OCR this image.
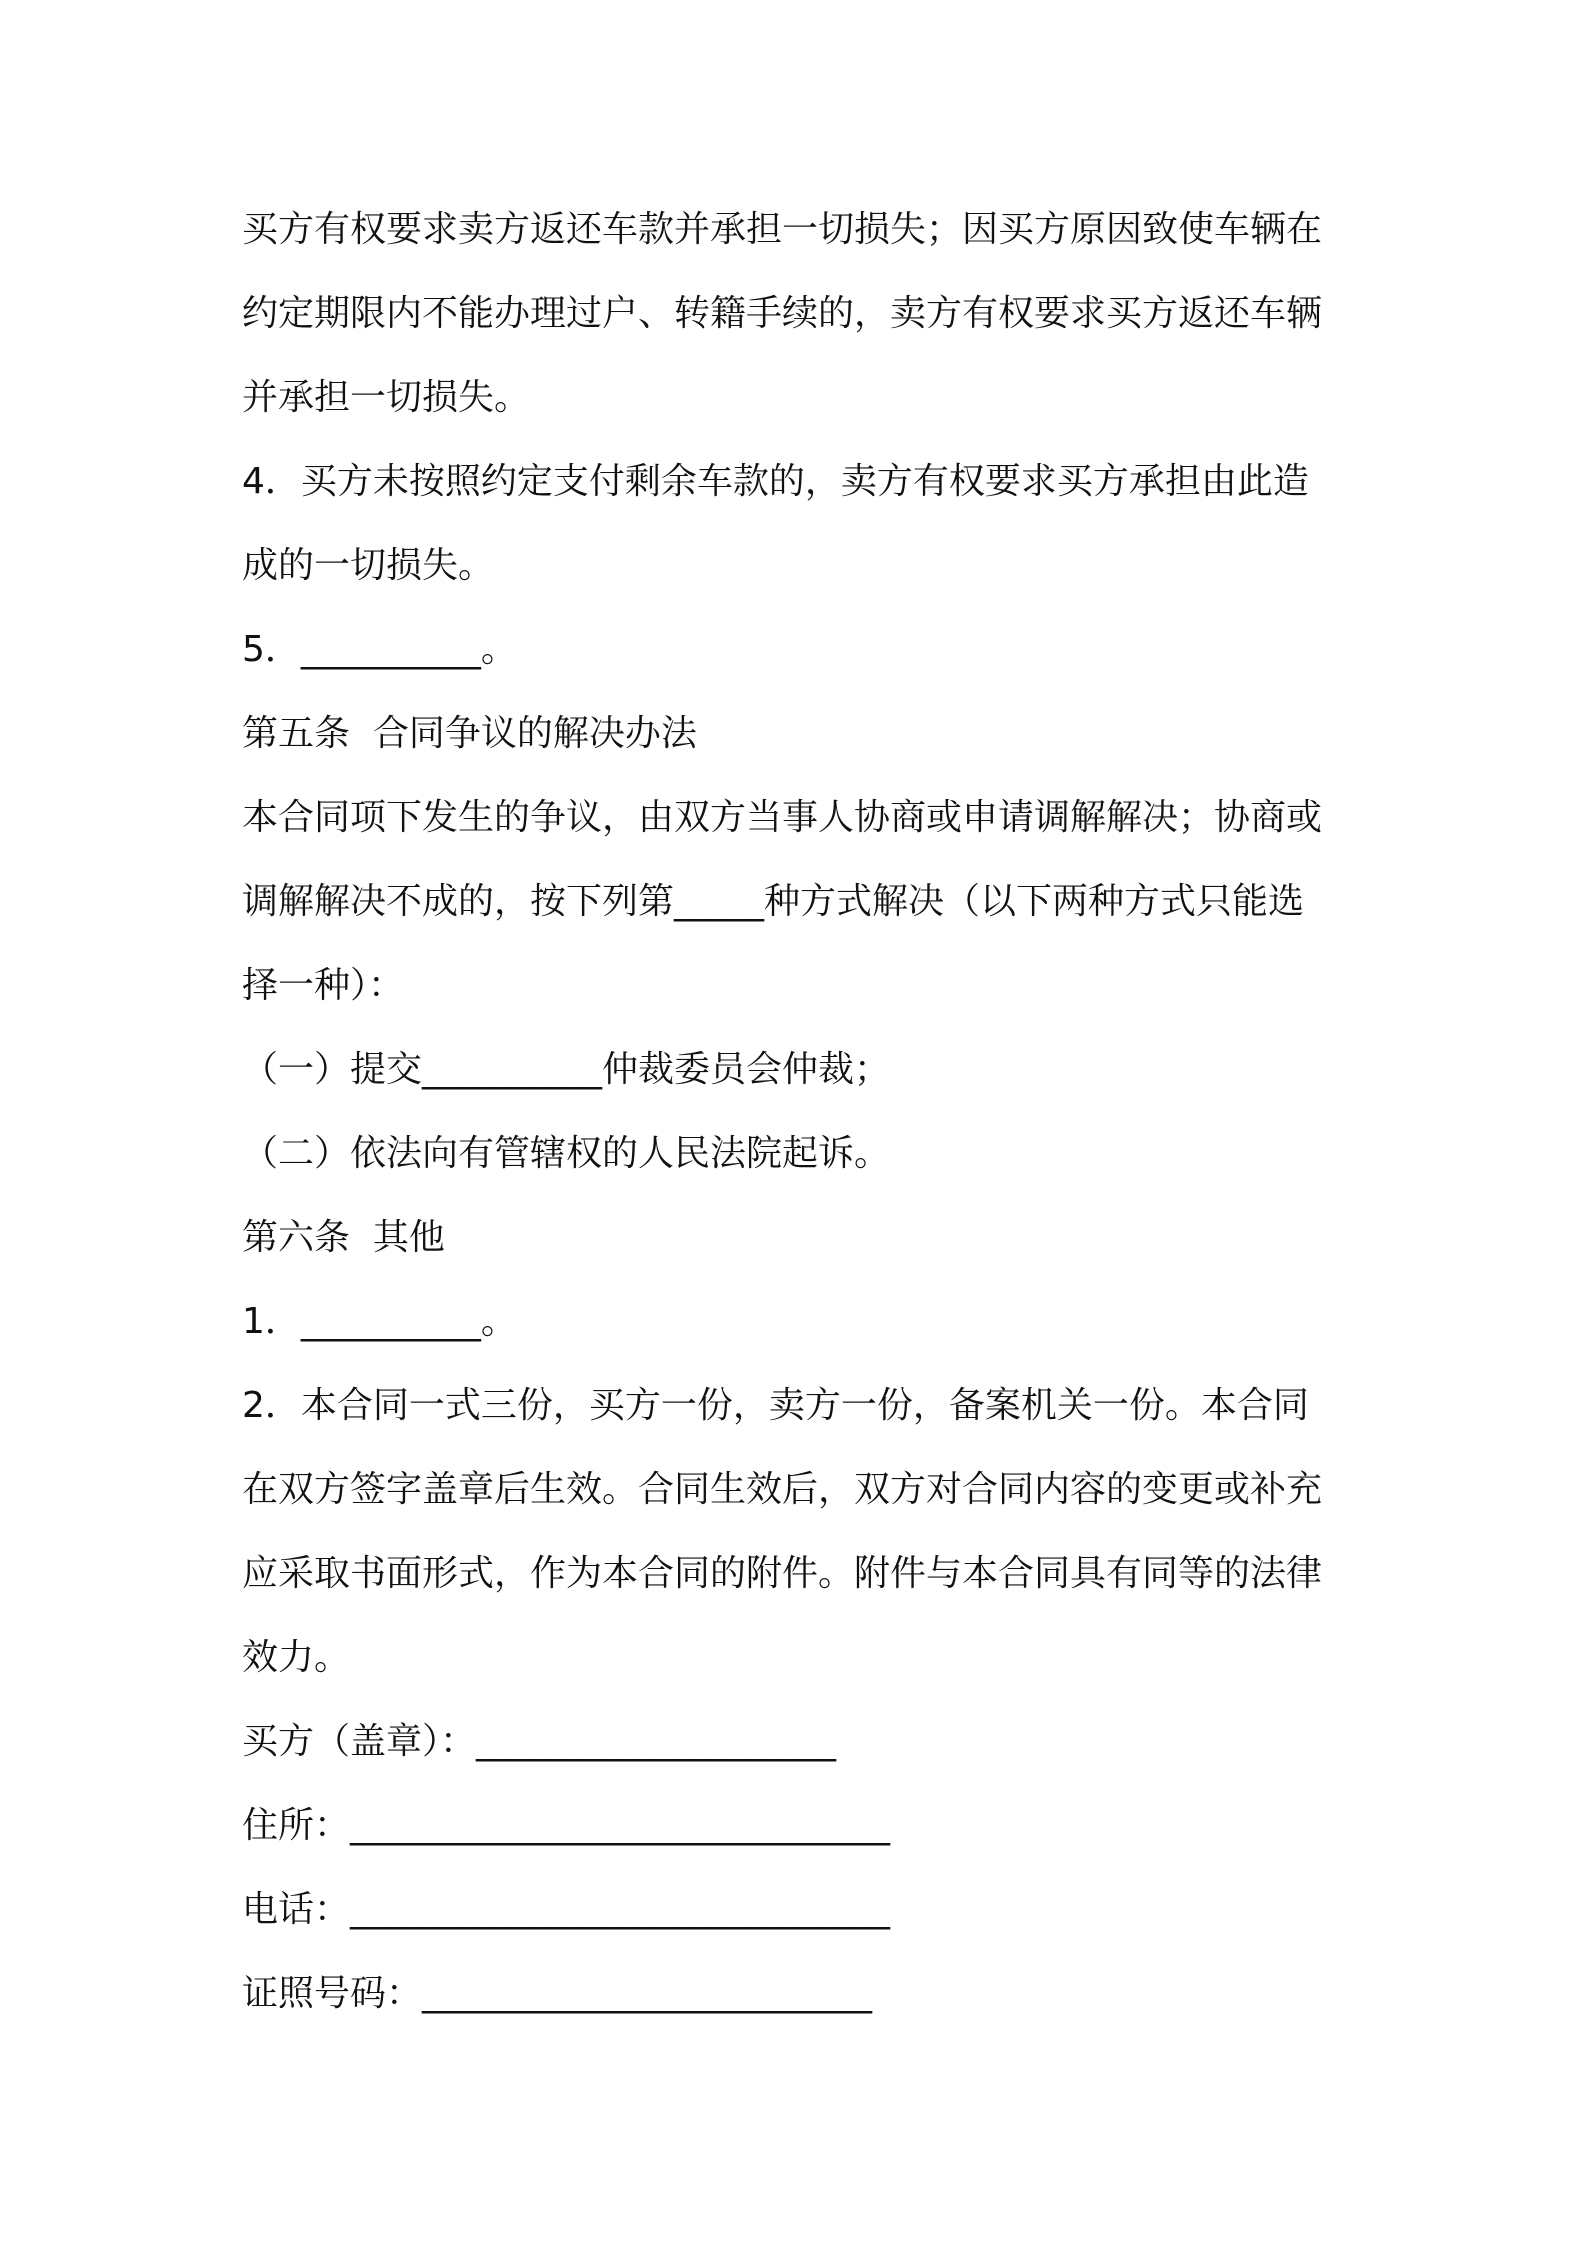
买方有权要求卖方返还车款并承担一切损失；因买方原因致使车辆在
约定期限内不能办理过户、转籍手续的，卖方有权要求买方返还车辆
并承担一切损失。
4．买方未按照约定支付剩余车款的，卖方有权要求买方承担由此造
成的一切损失。
5．__________。
第五条  合同争议的解决办法
本合同项下发生的争议，由双方当事人协商或申请调解解决；协商或
调解解决不成的，按下列第_____种方式解决（以下两种方式只能选
择一种）：
（一）提交__________仲裁委员会仲裁；
（二）依法向有管辖权的人民法院起诉。
第六条  其他
1．__________。
2．本合同一式三份，买方一份，卖方一份，备案机关一份。本合同
在双方签字盖章后生效。合同生效后，双方对合同内容的变更或补充
应采取书面形式，作为本合同的附件。附件与本合同具有同等的法律
效力。
买方（盖章）：____________________
住所：______________________________
电话：______________________________
证照号码：_________________________
